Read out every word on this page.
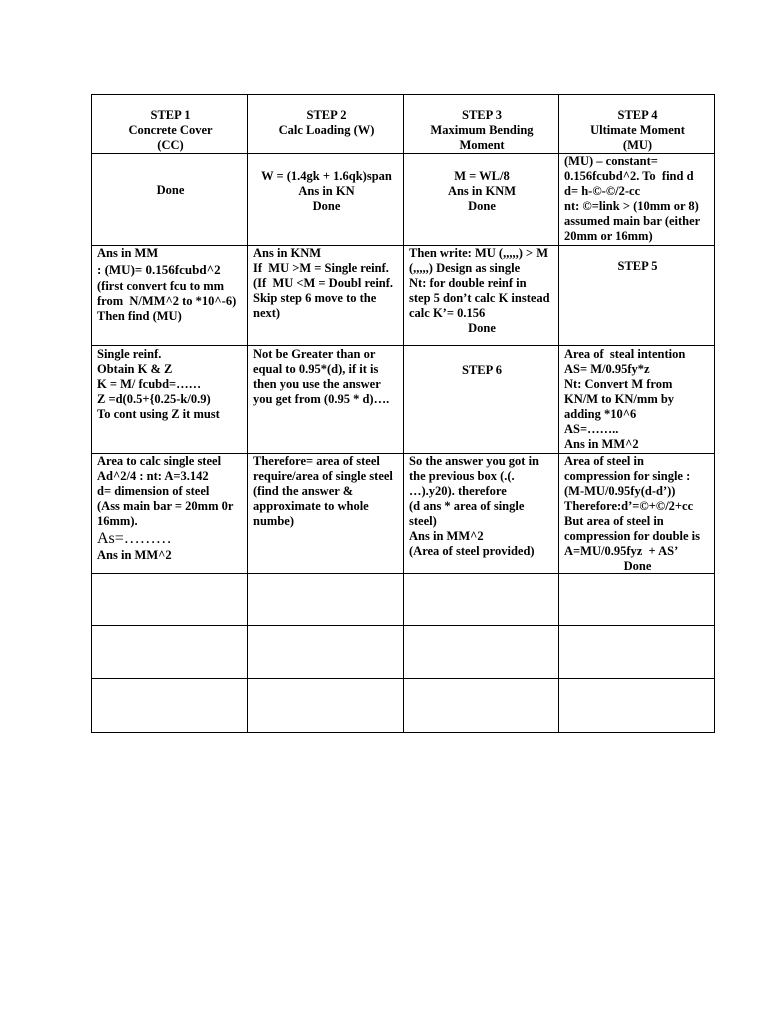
STEP 1
Concrete Cover
(CC)
STEP 2
Calc Loading (W)
STEP 3
Maximum Bending
Moment
STEP 4
Ultimate Moment
(MU)
Done
W = (1.4gk + 1.6qk)span
Ans in KN
Done
M = WL/8
Ans in KNM
Done
(MU) – constant=
0.156fcubd^2. To  find d
d= h-©-©/2-cc
nt: ©=link > (10mm or 8)
assumed main bar (either
20mm or 16mm)
Ans in MM
: (MU)= 0.156fcubd^2
(first convert fcu to mm
from  N/MM^2 to *10^-6)
Then find (MU)
Ans in KNM
If  MU >M = Single reinf.
(If  MU <M = Doubl reinf.
Skip step 6 move to the
next)
Then write: MU (,,,,,) > M
(,,,,,) Design as single
Nt: for double reinf in
step 5 don’t calc K instead
calc K’= 0.156
Done
STEP 5
Single reinf.
Obtain K & Z
K = M/ fcubd=……
Z =d(0.5+{0.25-k/0.9)
To cont using Z it must
Not be Greater than or
equal to 0.95*(d), if it is
then you use the answer
you get from (0.95 * d)….
STEP 6
Area of  steal intention
AS= M/0.95fy*z
Nt: Convert M from
KN/M to KN/mm by
adding *10^6
AS=……..
Ans in MM^2
Area to calc single steel
Ad^2/4 : nt: A=3.142
d= dimension of steel
(Ass main bar = 20mm 0r
16mm).
As=………
Ans in MM^2
Therefore= area of steel
require/area of single steel
(find the answer &
approximate to whole
numbe)
So the answer you got in
the previous box (.(.
…).y20). therefore
(d ans * area of single
steel)
Ans in MM^2
(Area of steel provided)
Area of steel in
compression for single :
(M-MU/0.95fy(d-d’))
Therefore:d’=©+©/2+cc
But area of steel in
compression for double is
A=MU/0.95fyz  + AS’
Done
